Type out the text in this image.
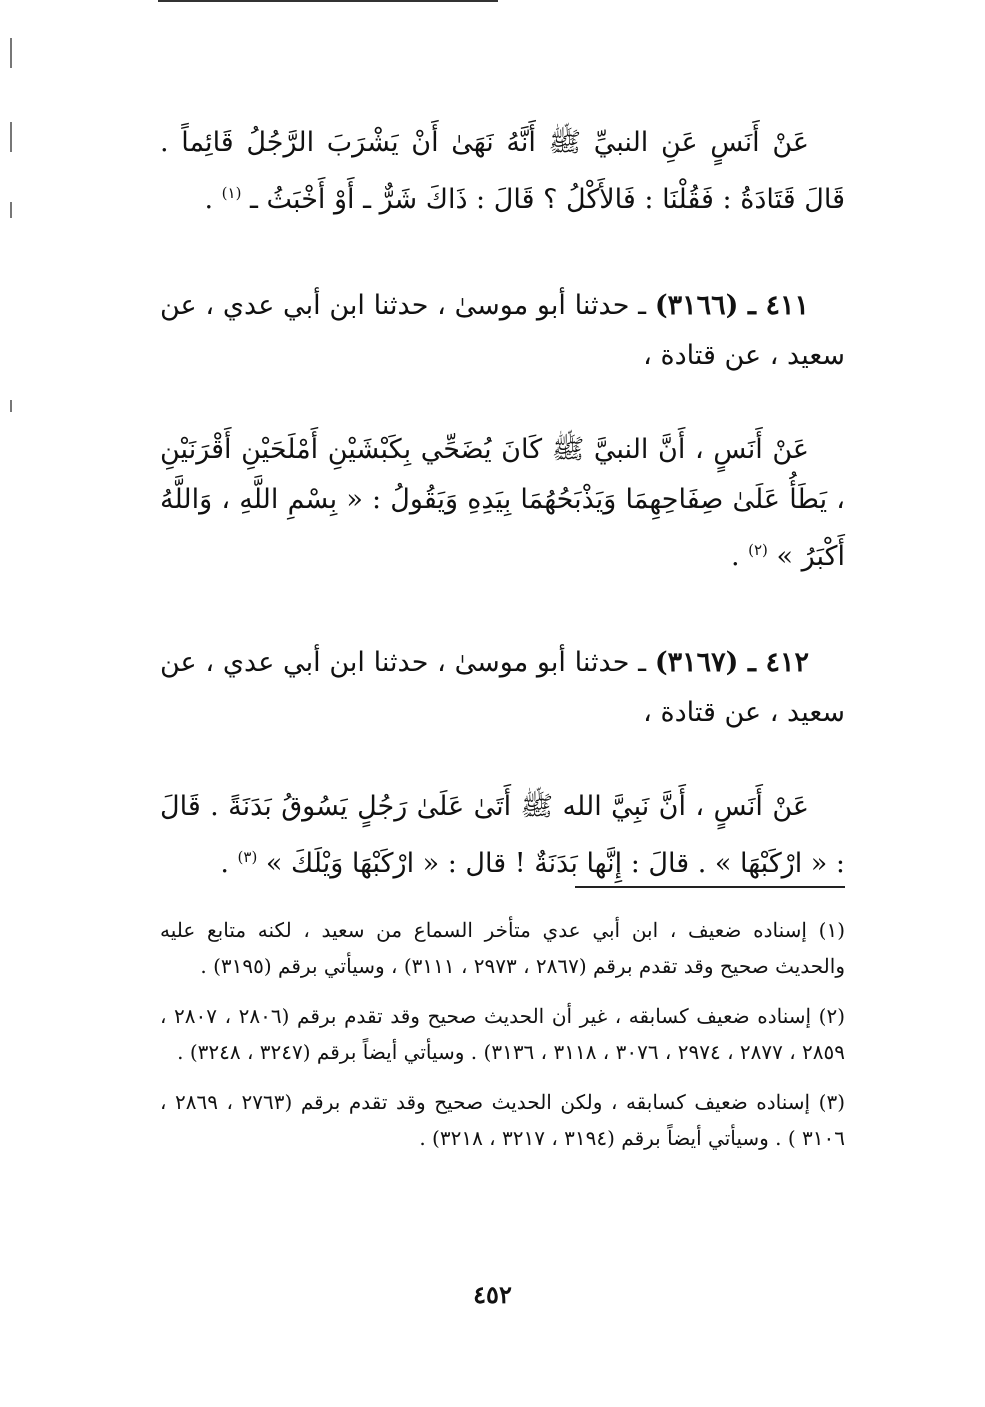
عَنْ أَنَسٍ عَنِ النبيِّ ﷺ أَنَّهُ نَهَىٰ أَنْ يَشْرَبَ الرَّجُلُ قَائِماً . قَالَ قَتَادَةُ : فَقُلْنَا : فَالأَكْلُ ؟ قَالَ : ذَاكَ شَرٌّ ـ أَوْ أَخْبَثُ ـ $^{(١)}$ .

٤١١ ـ (٣١٦٦) ـ حدثنا أبو موسىٰ ، حدثنا ابن أبي عدي ، عن سعيد ، عن قتادة ،

عَنْ أَنَسٍ ، أَنَّ النبيَّ ﷺ كَانَ يُضَحِّي بِكَبْشَيْنِ أَمْلَحَيْنِ أَقْرَنَيْنِ ، يَطَأُ عَلَىٰ صِفَاحِهِمَا وَيَذْبَحُهُمَا بِيَدِهِ وَيَقُولُ : « بِسْمِ اللَّهِ ، وَاللَّهُ أَكْبَرُ » $^{(٢)}$ .

٤١٢ ـ (٣١٦٧) ـ حدثنا أبو موسىٰ ، حدثنا ابن أبي عدي ، عن سعيد ، عن قتادة ،

عَنْ أَنَسٍ ، أَنَّ نَبِيَّ الله ﷺ أَتَىٰ عَلَىٰ رَجُلٍ يَسُوقُ بَدَنَةً . قَالَ : « ارْكَبْهَا » . قالَ : إِنَّها بَدَنَةٌ ! قال : « ارْكَبْهَا وَيْلَكَ » $^{(٣)}$ .

(١) إسناده ضعيف ، ابن أبي عدي متأخر السماع من سعيد ، لكنه متابع عليه والحديث صحيح وقد تقدم برقم (٢٨٦٧ ، ٢٩٧٣ ، ٣١١١) ، وسيأتي برقم (٣١٩٥) .

(٢) إسناده ضعيف كسابقه ، غير أن الحديث صحيح وقد تقدم برقم (٢٨٠٦ ، ٢٨٠٧ ، ٢٨٥٩ ، ٢٨٧٧ ، ٢٩٧٤ ، ٣٠٧٦ ، ٣١١٨ ، ٣١٣٦) . وسيأتي أيضاً برقم (٣٢٤٧ ، ٣٢٤٨) .

(٣) إسناده ضعيف كسابقه ، ولكن الحديث صحيح وقد تقدم برقم (٢٧٦٣ ، ٢٨٦٩ ، ٣١٠٦ ) . وسيأتي أيضاً برقم (٣١٩٤ ، ٣٢١٧ ، ٣٢١٨) .

٤٥٢
